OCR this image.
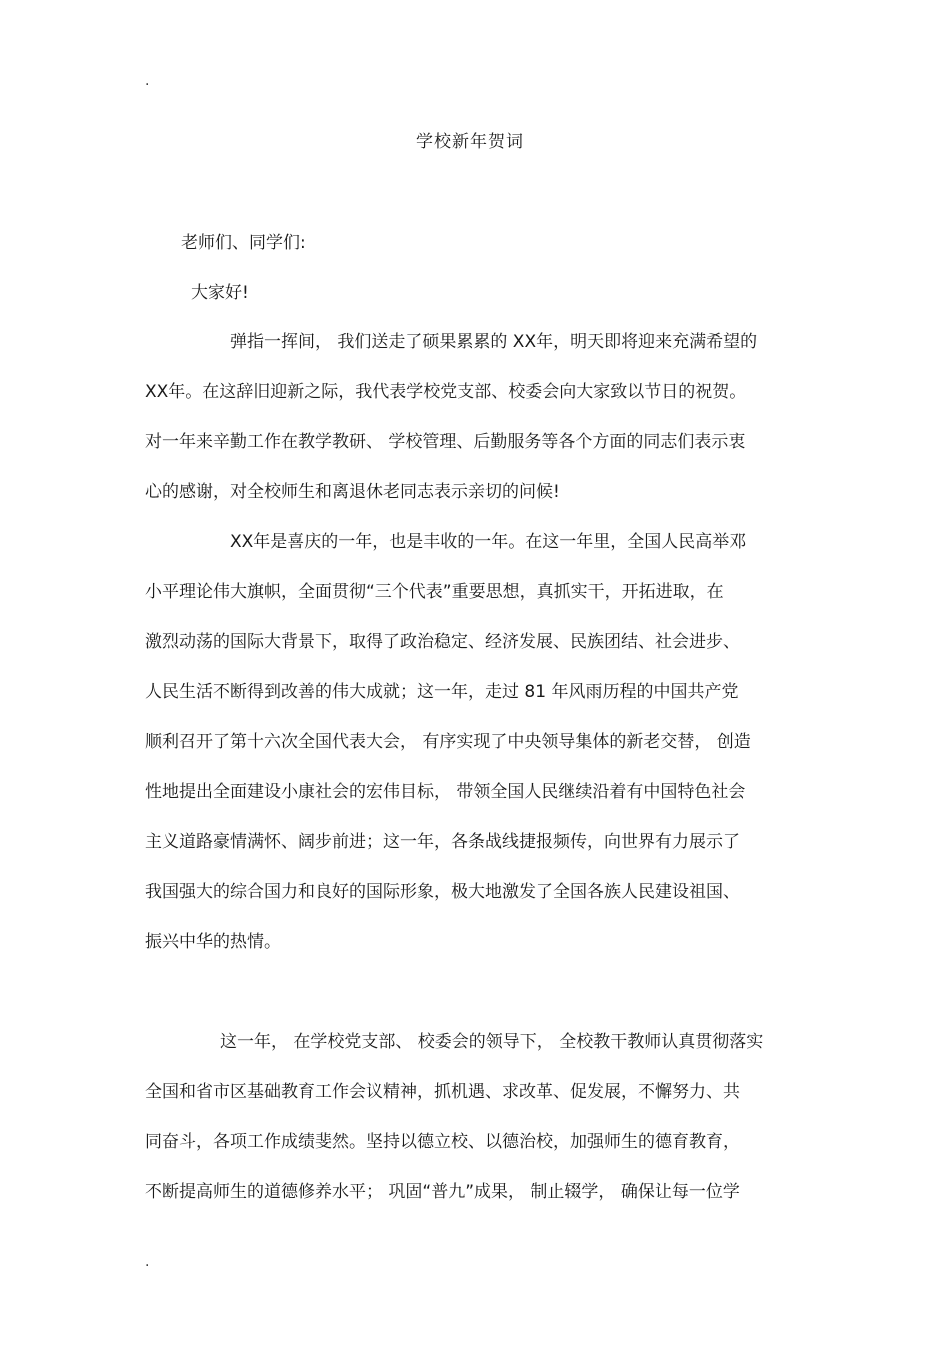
.
学校新年贺词
老师们、同学们:
大家好!
弹指一挥间， 我们送走了硕果累累的 XX年，明天即将迎来充满希望的
XX年。在这辞旧迎新之际，我代表学校党支部、校委会向大家致以节日的祝贺。
对一年来辛勤工作在教学教研、 学校管理、后勤服务等各个方面的同志们表示衷
心的感谢，对全校师生和离退休老同志表示亲切的问候!
XX年是喜庆的一年，也是丰收的一年。在这一年里，全国人民高举邓
小平理论伟大旗帜，全面贯彻“三个代表”重要思想，真抓实干，开拓进取，在
激烈动荡的国际大背景下，取得了政治稳定、经济发展、民族团结、社会进步、
人民生活不断得到改善的伟大成就；这一年，走过 81 年风雨历程的中国共产党
顺利召开了第十六次全国代表大会， 有序实现了中央领导集体的新老交替， 创造
性地提出全面建设小康社会的宏伟目标， 带领全国人民继续沿着有中国特色社会
主义道路豪情满怀、阔步前进；这一年，各条战线捷报频传，向世界有力展示了
我国强大的综合国力和良好的国际形象，极大地激发了全国各族人民建设祖国、
振兴中华的热情。
这一年， 在学校党支部、 校委会的领导下， 全校教干教师认真贯彻落实
全国和省市区基础教育工作会议精神，抓机遇、求改革、促发展，不懈努力、共
同奋斗，各项工作成绩斐然。坚持以德立校、以德治校，加强师生的德育教育，
不断提高师生的道德修养水平； 巩固“普九”成果， 制止辍学， 确保让每一位学
.
